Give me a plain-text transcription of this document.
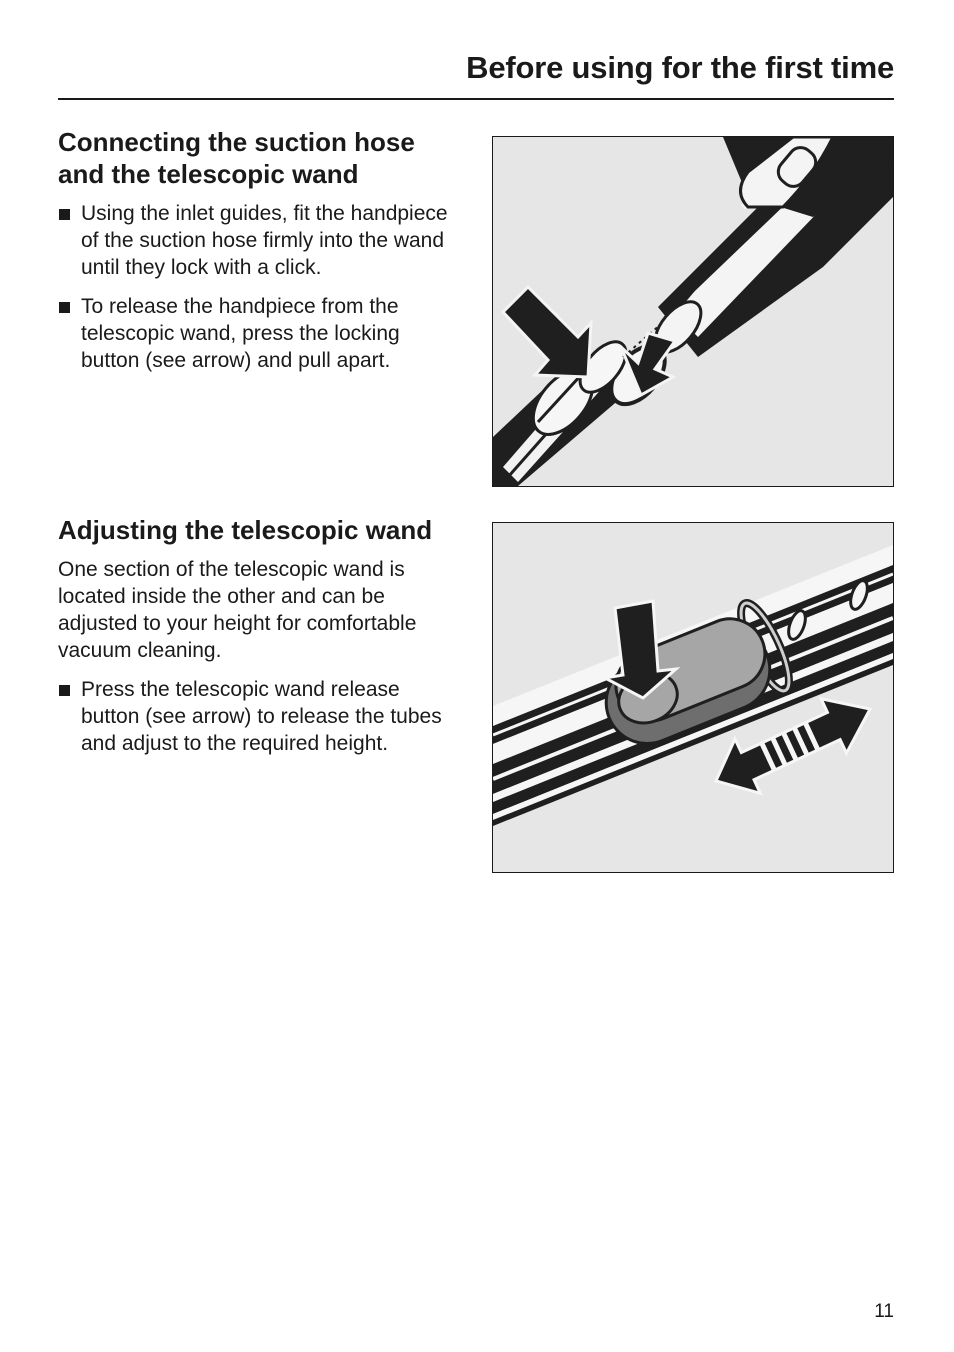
Before using for the first time
Connecting the suction hose and the telescopic wand
Using the inlet guides, fit the handpiece of the suction hose firmly into the wand until they lock with a click.
To release the handpiece from the telescopic wand, press the locking button (see arrow) and pull apart.
Adjusting the telescopic wand

One section of the telescopic wand is located inside the other and can be adjusted to your height for comfortable vacuum cleaning.

Press the telescopic wand release button (see arrow) to release the tubes and adjust to the required height.
11
